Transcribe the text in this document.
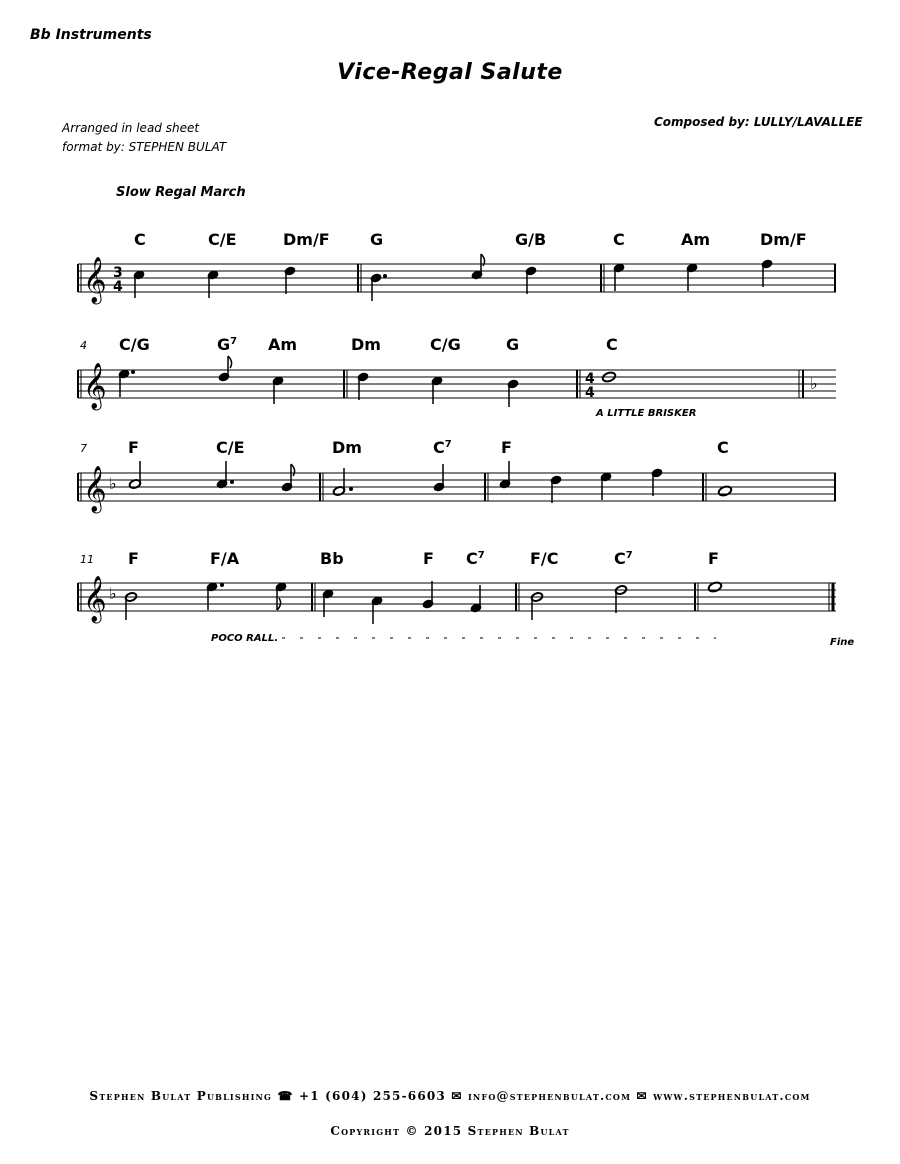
Bb Instruments
Vice-Regal Salute
Arranged in lead sheet
format by: STEPHEN BULAT
Composed by: LULLY/LAVALLEE
Slow Regal March
𝄞 3
4
C	C/E	Dm/F	G	G/B	C	Am	Dm/F
𝄞	♭
4
4
4 C/G	$G^7$ Am	Dm	C/G	G	C
A LITTLE BRISKER
𝄞 ♭
7	F	C/E	Dm	$C^7$	F	C
𝄞 ♭
11 F	F/A	Bb	F $C^7$	F/C	$C^7$	F
POCO RALL.	Fine
Stephen Bulat Publishing ☎ +1 (604) 255-6603 ✉ info@stephenbulat.com ✉ www.stephenbulat.com
Copyright © 2015 Stephen Bulat
